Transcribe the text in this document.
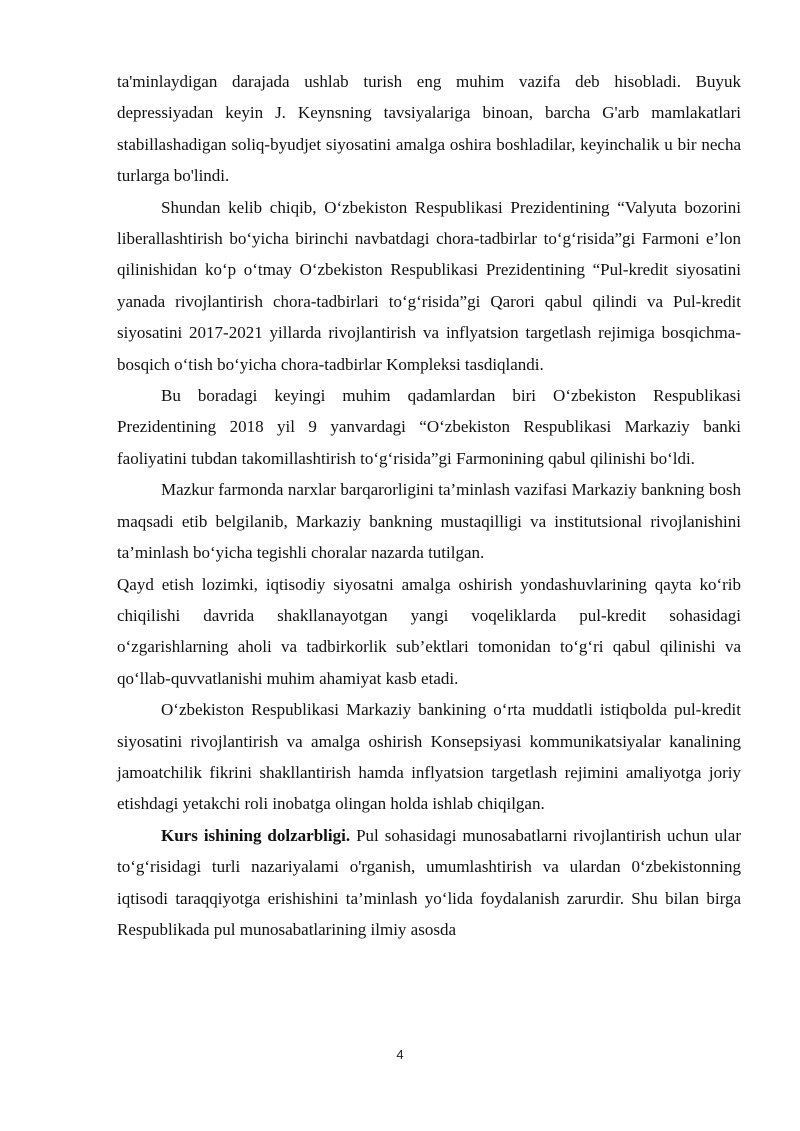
ta'minlaydigan darajada ushlab turish eng muhim vazifa deb hisobladi. Buyuk depressiyadan keyin J. Keynsning tavsiyalariga binoan, barcha G'arb mamlakatlari stabillashadigan soliq-byudjet siyosatini amalga oshira boshladilar, keyinchalik u bir necha turlarga bo'lindi.

Shundan kelib chiqib, O‘zbekiston Respublikasi Prezidentining “Valyuta bozorini liberallashtirish bo‘yicha birinchi navbatdagi chora-tadbirlar to‘g‘risida”gi Farmoni e’lon qilinishidan ko‘p o‘tmay O‘zbekiston Respublikasi Prezidentining “Pul-kredit siyosatini yanada rivojlantirish chora-tadbirlari to‘g‘risida”gi Qarori qabul qilindi va Pul-kredit siyosatini 2017-2021 yillarda rivojlantirish va inflyatsion targetlash rejimiga bosqichma-bosqich o‘tish bo‘yicha chora-tadbirlar Kompleksi tasdiqlandi.

Bu boradagi keyingi muhim qadamlardan biri O‘zbekiston Respublikasi Prezidentining 2018 yil 9 yanvardagi “O‘zbekiston Respublikasi Markaziy banki faoliyatini tubdan takomillashtirish to‘g‘risida”gi Farmonining qabul qilinishi bo‘ldi.

Mazkur farmonda narxlar barqarorligini ta’minlash vazifasi Markaziy bankning bosh maqsadi etib belgilanib, Markaziy bankning mustaqilligi va institutsional rivojlanishini ta’minlash bo‘yicha tegishli choralar nazarda tutilgan.

Qayd etish lozimki, iqtisodiy siyosatni amalga oshirish yondashuvlarining qayta ko‘rib chiqilishi davrida shakllanayotgan yangi voqeliklarda pul-kredit sohasidagi o‘zgarishlarning aholi va tadbirkorlik sub’ektlari tomonidan to‘g‘ri qabul qilinishi va qo‘llab-quvvatlanishi muhim ahamiyat kasb etadi.

O‘zbekiston Respublikasi Markaziy bankining o‘rta muddatli istiqbolda pul-kredit siyosatini rivojlantirish va amalga oshirish Konsepsiyasi kommunikatsiyalar kanalining jamoatchilik fikrini shakllantirish hamda inflyatsion targetlash rejimini amaliyotga joriy etishdagi yetakchi roli inobatga olingan holda ishlab chiqilgan.

Kurs ishining dolzarbligi. Pul sohasidagi munosabatlarni rivojlantirish uchun ular to‘g‘risidagi turli nazariyalami o'rganish, umumlashtirish va ulardan 0‘zbekistonning iqtisodi taraqqiyotga erishishini ta’minlash yo‘lida foydalanish zarurdir. Shu bilan birga Respublikada pul munosabatlarining ilmiy asosda

4
